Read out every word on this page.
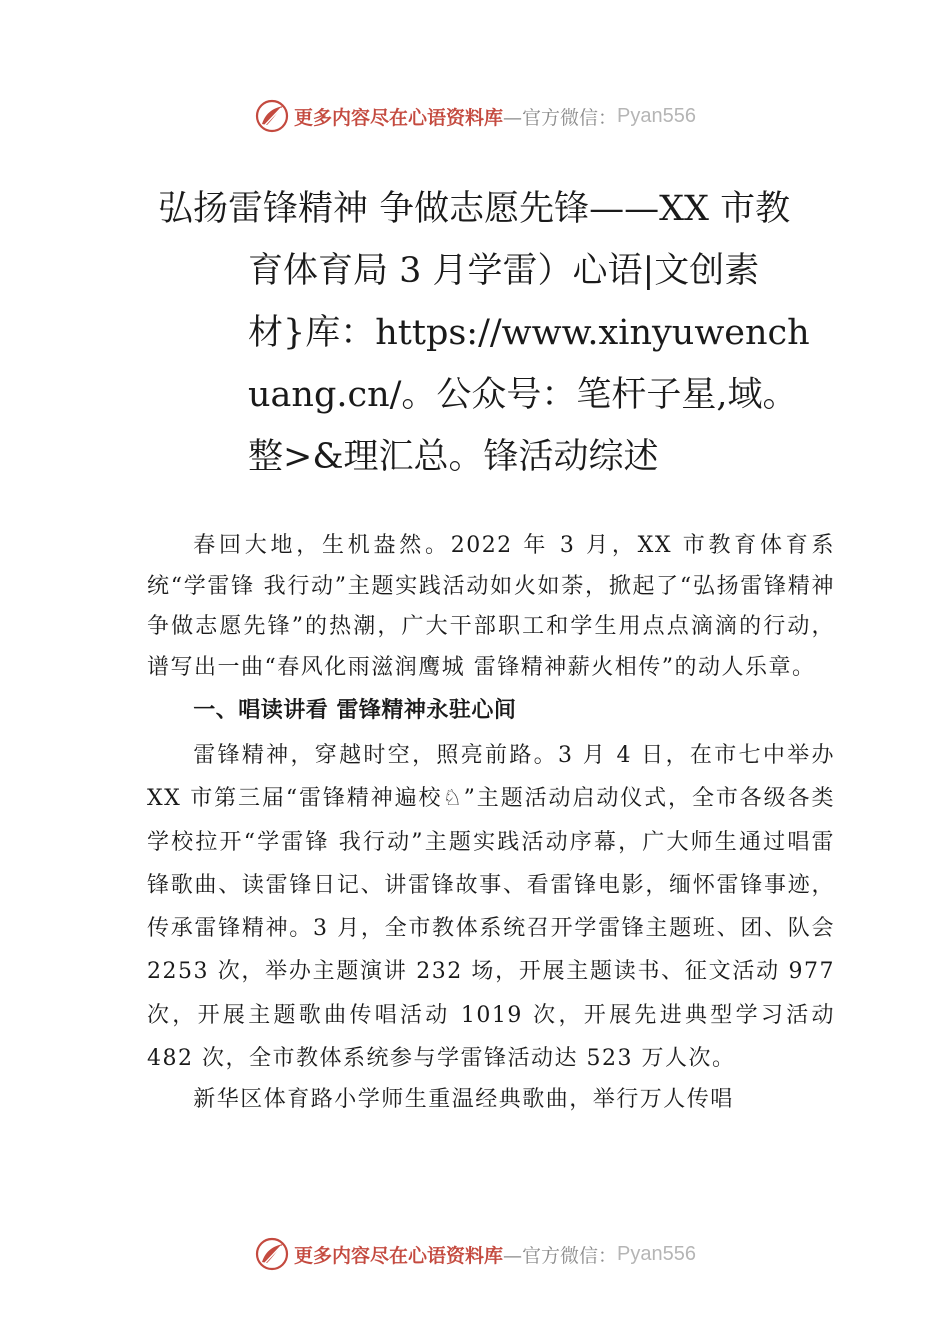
更多内容尽在心语资料库 —官方微信： Pyan556
弘扬雷锋精神 争做志愿先锋——XX 市教
育体育局 3 月学雷）心语|文创素材}库：https://www.xinyuwenchuang.cn/。公众号：笔杆子星,域。整>&理汇总。锋活动综述

春回大地，生机盎然。2022 年 3 月，XX 市教育体育系统“学雷锋 我行动”主题实践活动如火如荼，掀起了“弘扬雷锋精神 争做志愿先锋”的热潮，广大干部职工和学生用点点滴滴的行动，谱写出一曲“春风化雨滋润鹰城 雷锋精神薪火相传”的动人乐章。

一、唱读讲看 雷锋精神永驻心间

雷锋精神，穿越时空，照亮前路。3 月 4 日，在市七中举办 XX 市第三届“雷锋精神遍校♘”主题活动启动仪式，全市各级各类学校拉开“学雷锋 我行动”主题实践活动序幕，广大师生通过唱雷锋歌曲、读雷锋日记、讲雷锋故事、看雷锋电影，缅怀雷锋事迹，传承雷锋精神。3 月，全市教体系统召开学雷锋主题班、团、队会 2253 次，举办主题演讲 232 场，开展主题读书、征文活动 977 次，开展主题歌曲传唱活动 1019 次，开展先进典型学习活动 482 次，全市教体系统参与学雷锋活动达 523 万人次。

新华区体育路小学师生重温经典歌曲，举行万人传唱

更多内容尽在心语资料库 —官方微信： Pyan556
